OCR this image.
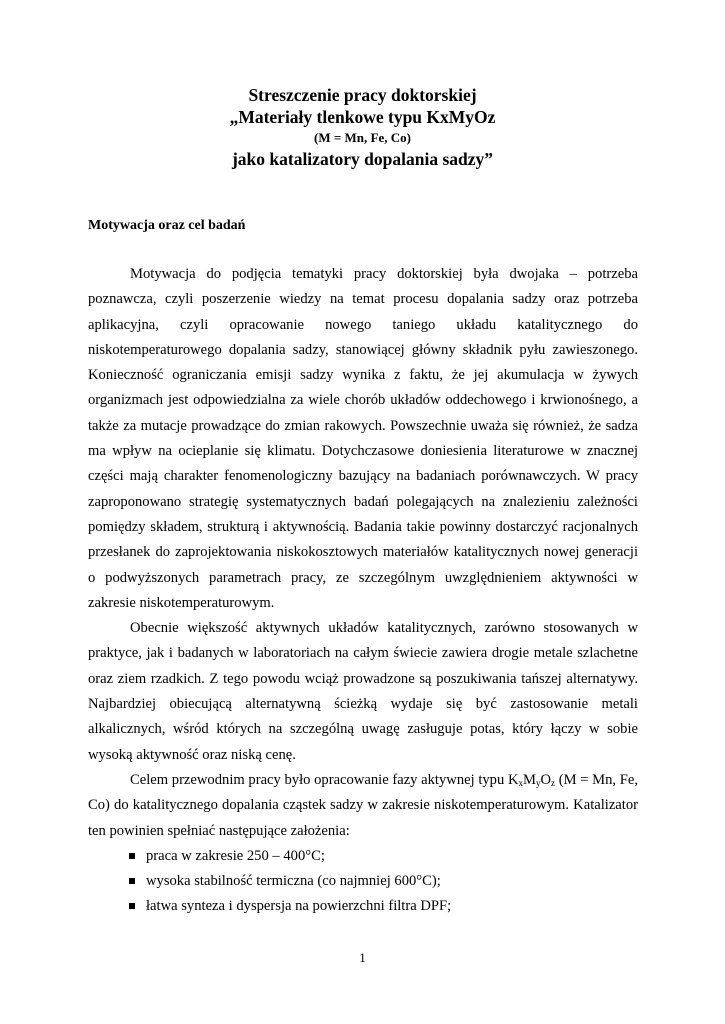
Streszczenie pracy doktorskiej
„Materiały tlenkowe typu KxMyOz
(M = Mn, Fe, Co)
jako katalizatory dopalania sadzy”
Motywacja oraz cel badań

Motywacja do podjęcia tematyki pracy doktorskiej była dwojaka – potrzeba poznawcza, czyli poszerzenie wiedzy na temat procesu dopalania sadzy oraz potrzeba aplikacyjna, czyli opracowanie nowego taniego układu katalitycznego do niskotemperaturowego dopalania sadzy, stanowiącej główny składnik pyłu zawieszonego. Konieczność ograniczania emisji sadzy wynika z faktu, że jej akumulacja w żywych organizmach jest odpowiedzialna za wiele chorób układów oddechowego i krwionośnego, a także za mutacje prowadzące do zmian rakowych. Powszechnie uważa się również, że sadza ma wpływ na ocieplanie się klimatu. Dotychczasowe doniesienia literaturowe w znacznej części mają charakter fenomenologiczny bazujący na badaniach porównawczych. W pracy zaproponowano strategię systematycznych badań polegających na znalezieniu zależności pomiędzy składem, strukturą i aktywnością. Badania takie powinny dostarczyć racjonalnych przesłanek do zaprojektowania niskokosztowych materiałów katalitycznych nowej generacji o podwyższonych parametrach pracy, ze szczególnym uwzględnieniem aktywności w zakresie niskotemperaturowym.

Obecnie większość aktywnych układów katalitycznych, zarówno stosowanych w praktyce, jak i badanych w laboratoriach na całym świecie zawiera drogie metale szlachetne oraz ziem rzadkich. Z tego powodu wciąż prowadzone są poszukiwania tańszej alternatywy. Najbardziej obiecującą alternatywną ścieżką wydaje się być zastosowanie metali alkalicznych, wśród których na szczególną uwagę zasługuje potas, który łączy w sobie wysoką aktywność oraz niską cenę.

Celem przewodnim pracy było opracowanie fazy aktywnej typu $K_xM_yO_z$ (M = Mn, Fe, Co) do katalitycznego dopalania cząstek sadzy w zakresie niskotemperaturowym. Katalizator ten powinien spełniać następujące założenia:

praca w zakresie 250 – 400°C;
wysoka stabilność termiczna (co najmniej 600°C);
łatwa synteza i dyspersja na powierzchni filtra DPF;
1
